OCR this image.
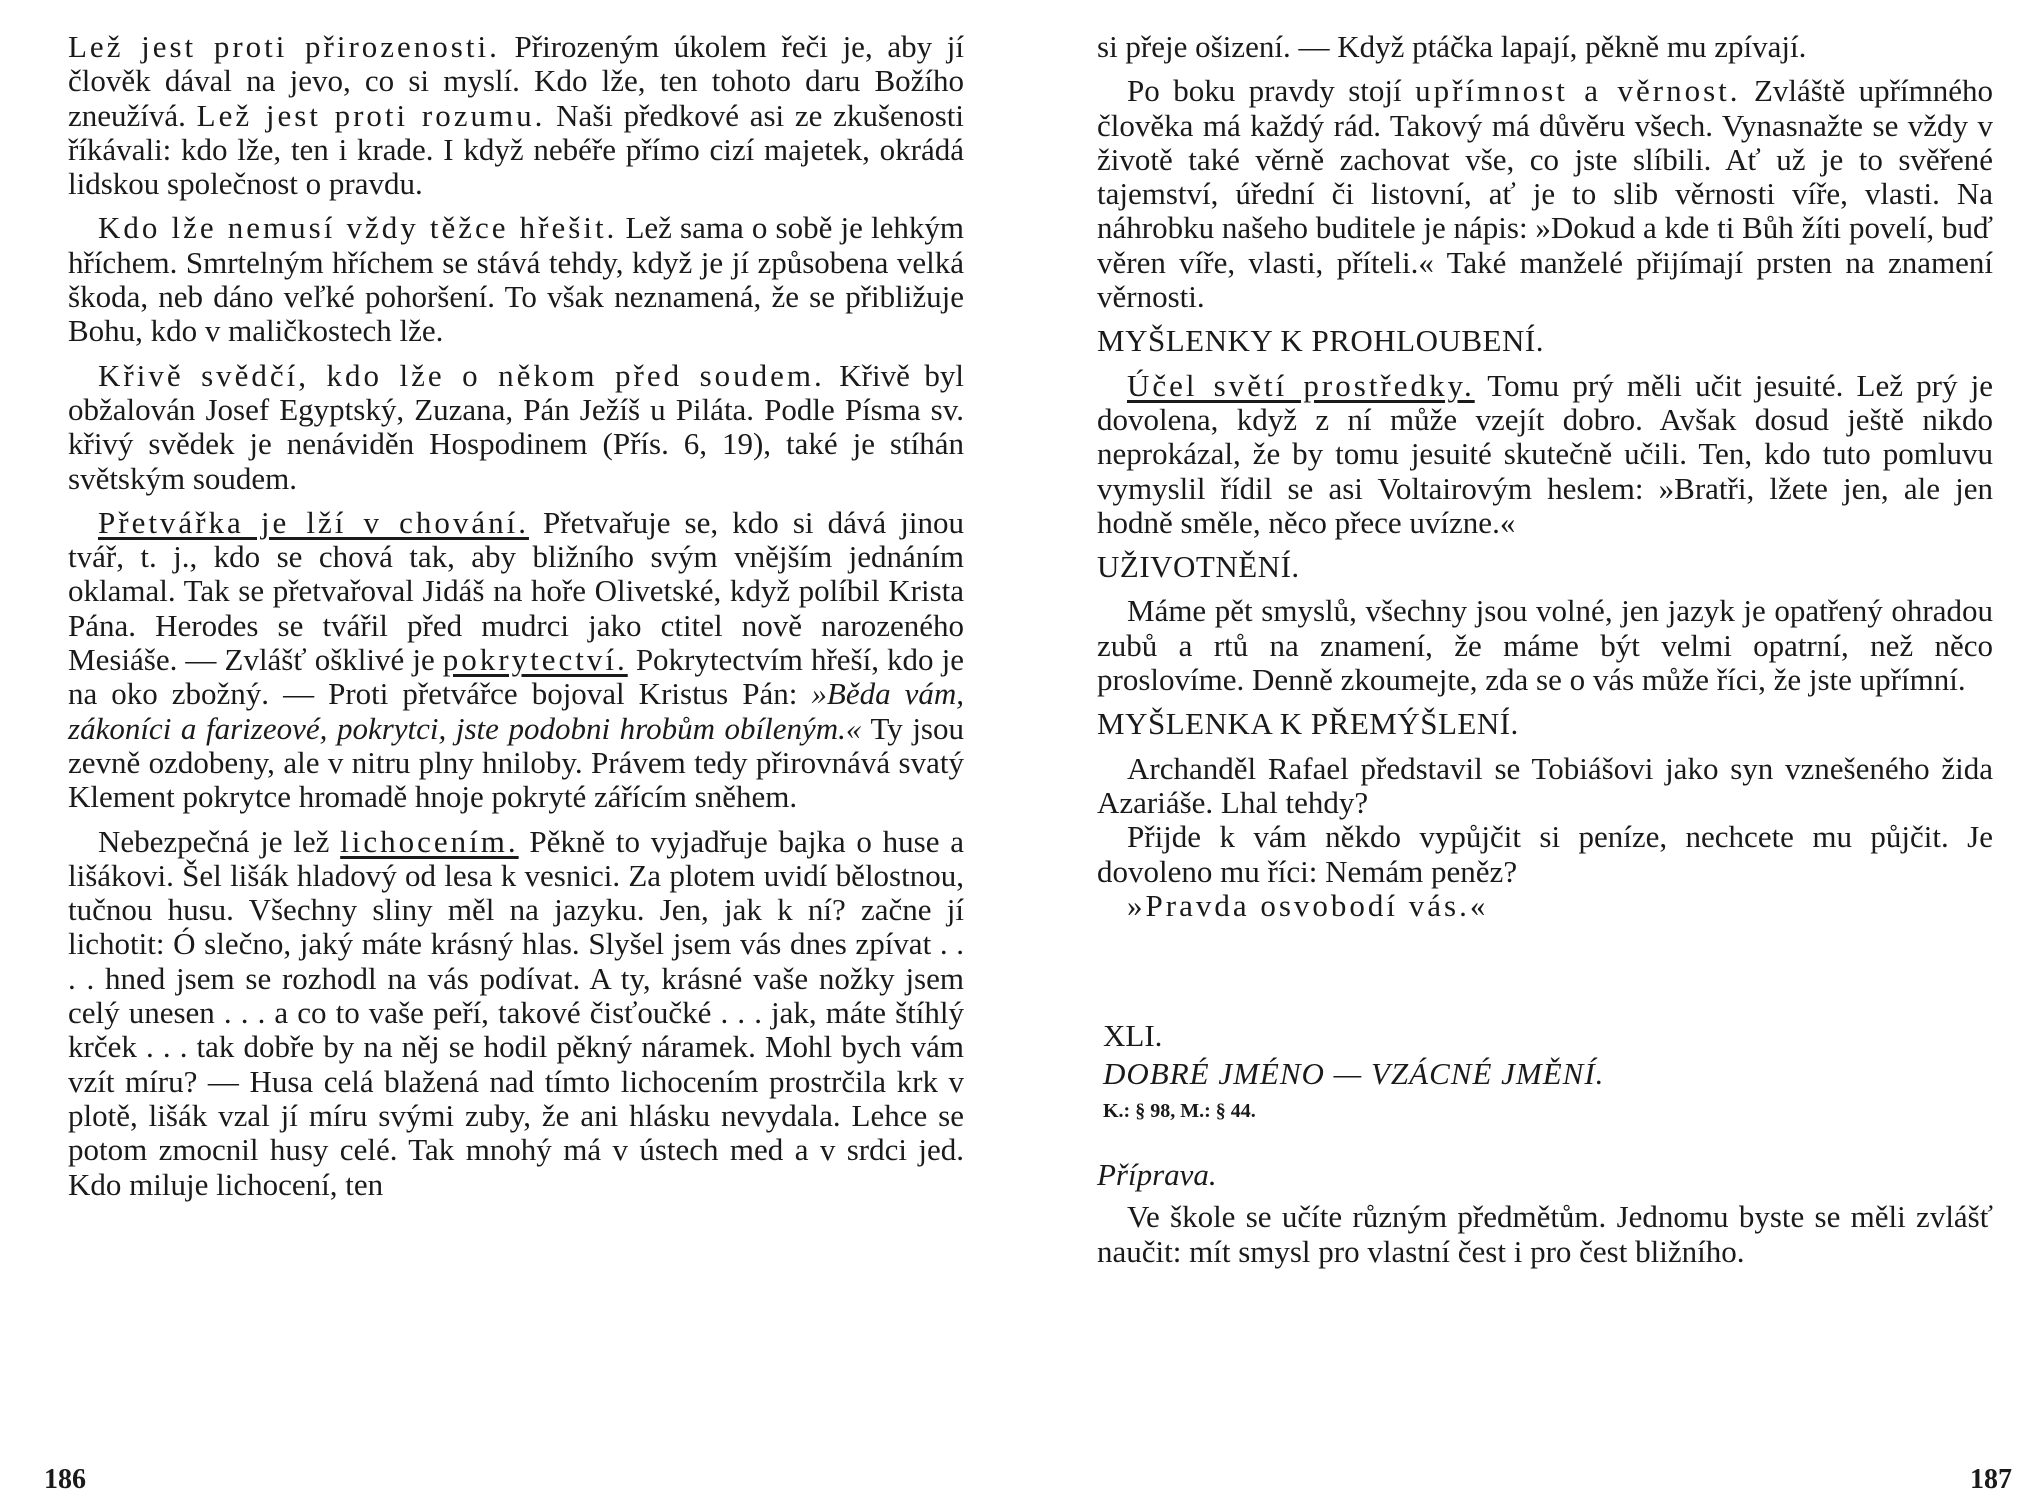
Lež jest proti přirozenosti. Přirozeným úkolem řeči je, aby jí člověk dával na jevo, co si myslí. Kdo lže, ten tohoto daru Božího zneužívá. Lež jest proti rozumu. Naši předkové asi ze zkušenosti říkávali: kdo lže, ten i krade. I když nebéře přímo cizí majetek, okrádá lidskou společnost o pravdu.

Kdo lže nemusí vždy těžce hřešit. Lež sama o sobě je lehkým hříchem. Smrtelným hříchem se stává tehdy, když je jí způsobena velká škoda, neb dáno veľké pohoršení. To však neznamená, že se přibližuje Bohu, kdo v maličkostech lže.

Křivě svědčí, kdo lže o někom před soudem. Křivě byl obžalován Josef Egyptský, Zuzana, Pán Ježíš u Piláta. Podle Písma sv. křivý svědek je nenáviděn Hospodinem (Přís. 6, 19), také je stíhán světským soudem.

Přetvářka je lží v chování. Přetvařuje se, kdo si dává jinou tvář, t. j., kdo se chová tak, aby bližního svým vnějším jednáním oklamal. Tak se přetvařoval Jidáš na hoře Olivetské, když políbil Krista Pána. Herodes se tvářil před mudrci jako ctitel nově narozeného Mesiáše. — Zvlášť ošklivé je pokrytectví. Pokrytectvím hřeší, kdo je na oko zbožný. — Proti přetvářce bojoval Kristus Pán: »Běda vám, zákoníci a farizeové, pokrytci, jste podobni hrobům obíleným.« Ty jsou zevně ozdobeny, ale v nitru plny hniloby. Právem tedy přirovnává svatý Klement pokrytce hromadě hnoje pokryté zářícím sněhem.

Nebezpečná je lež lichocením. Pěkně to vyjadřuje bajka o huse a lišákovi. Šel lišák hladový od lesa k vesnici. Za plotem uvidí bělostnou, tučnou husu. Všechny sliny měl na jazyku. Jen, jak k ní? začne jí lichotit: Ó slečno, jaký máte krásný hlas. Slyšel jsem vás dnes zpívat . . . . hned jsem se rozhodl na vás podívat. A ty, krásné vaše nožky jsem celý unesen . . . a co to vaše peří, takové čisťoučké . . . jak, máte štíhlý krček . . . tak dobře by na něj se hodil pěkný náramek. Mohl bych vám vzít míru? — Husa celá blažená nad tímto lichocením prostrčila krk v plotě, lišák vzal jí míru svými zuby, že ani hlásku nevydala. Lehce se potom zmocnil husy celé. Tak mnohý má v ústech med a v srdci jed. Kdo miluje lichocení, ten

186

si přeje ošizení. — Když ptáčka lapají, pěkně mu zpívají.

Po boku pravdy stojí upřímnost a věrnost. Zvláště upřímného člověka má každý rád. Takový má důvěru všech. Vynasnažte se vždy v životě také věrně zachovat vše, co jste slíbili. Ať už je to svěřené tajemství, úřední či listovní, ať je to slib věrnosti víře, vlasti. Na náhrobku našeho buditele je nápis: »Dokud a kde ti Bůh žíti povelí, buď věren víře, vlasti, příteli.« Také manželé přijímají prsten na znamení věrnosti.

MYŠLENKY K PROHLOUBENÍ.

Účel světí prostředky. Tomu prý měli učit jesuité. Lež prý je dovolena, když z ní může vzejít dobro. Avšak dosud ještě nikdo neprokázal, že by tomu jesuité skutečně učili. Ten, kdo tuto pomluvu vymyslil řídil se asi Voltairovým heslem: »Bratři, lžete jen, ale jen hodně směle, něco přece uvízne.«

UŽIVOTNĚNÍ.

Máme pět smyslů, všechny jsou volné, jen jazyk je opatřený ohradou zubů a rtů na znamení, že máme být velmi opatrní, než něco proslovíme. Denně zkoumejte, zda se o vás může říci, že jste upřímní.

MYŠLENKA K PŘEMÝŠLENÍ.

Archanděl Rafael představil se Tobiášovi jako syn vznešeného žida Azariáše. Lhal tehdy?

Přijde k vám někdo vypůjčit si peníze, nechcete mu půjčit. Je dovoleno mu říci: Nemám peněz?

»Pravda osvobodí vás.«

XLI.
DOBRÉ JMÉNO — VZÁCNÉ JMĚNÍ.
K.: § 98, M.: § 44.
Příprava.

Ve škole se učíte různým předmětům. Jednomu byste se měli zvlášť naučit: mít smysl pro vlastní čest i pro čest bližního.

187
